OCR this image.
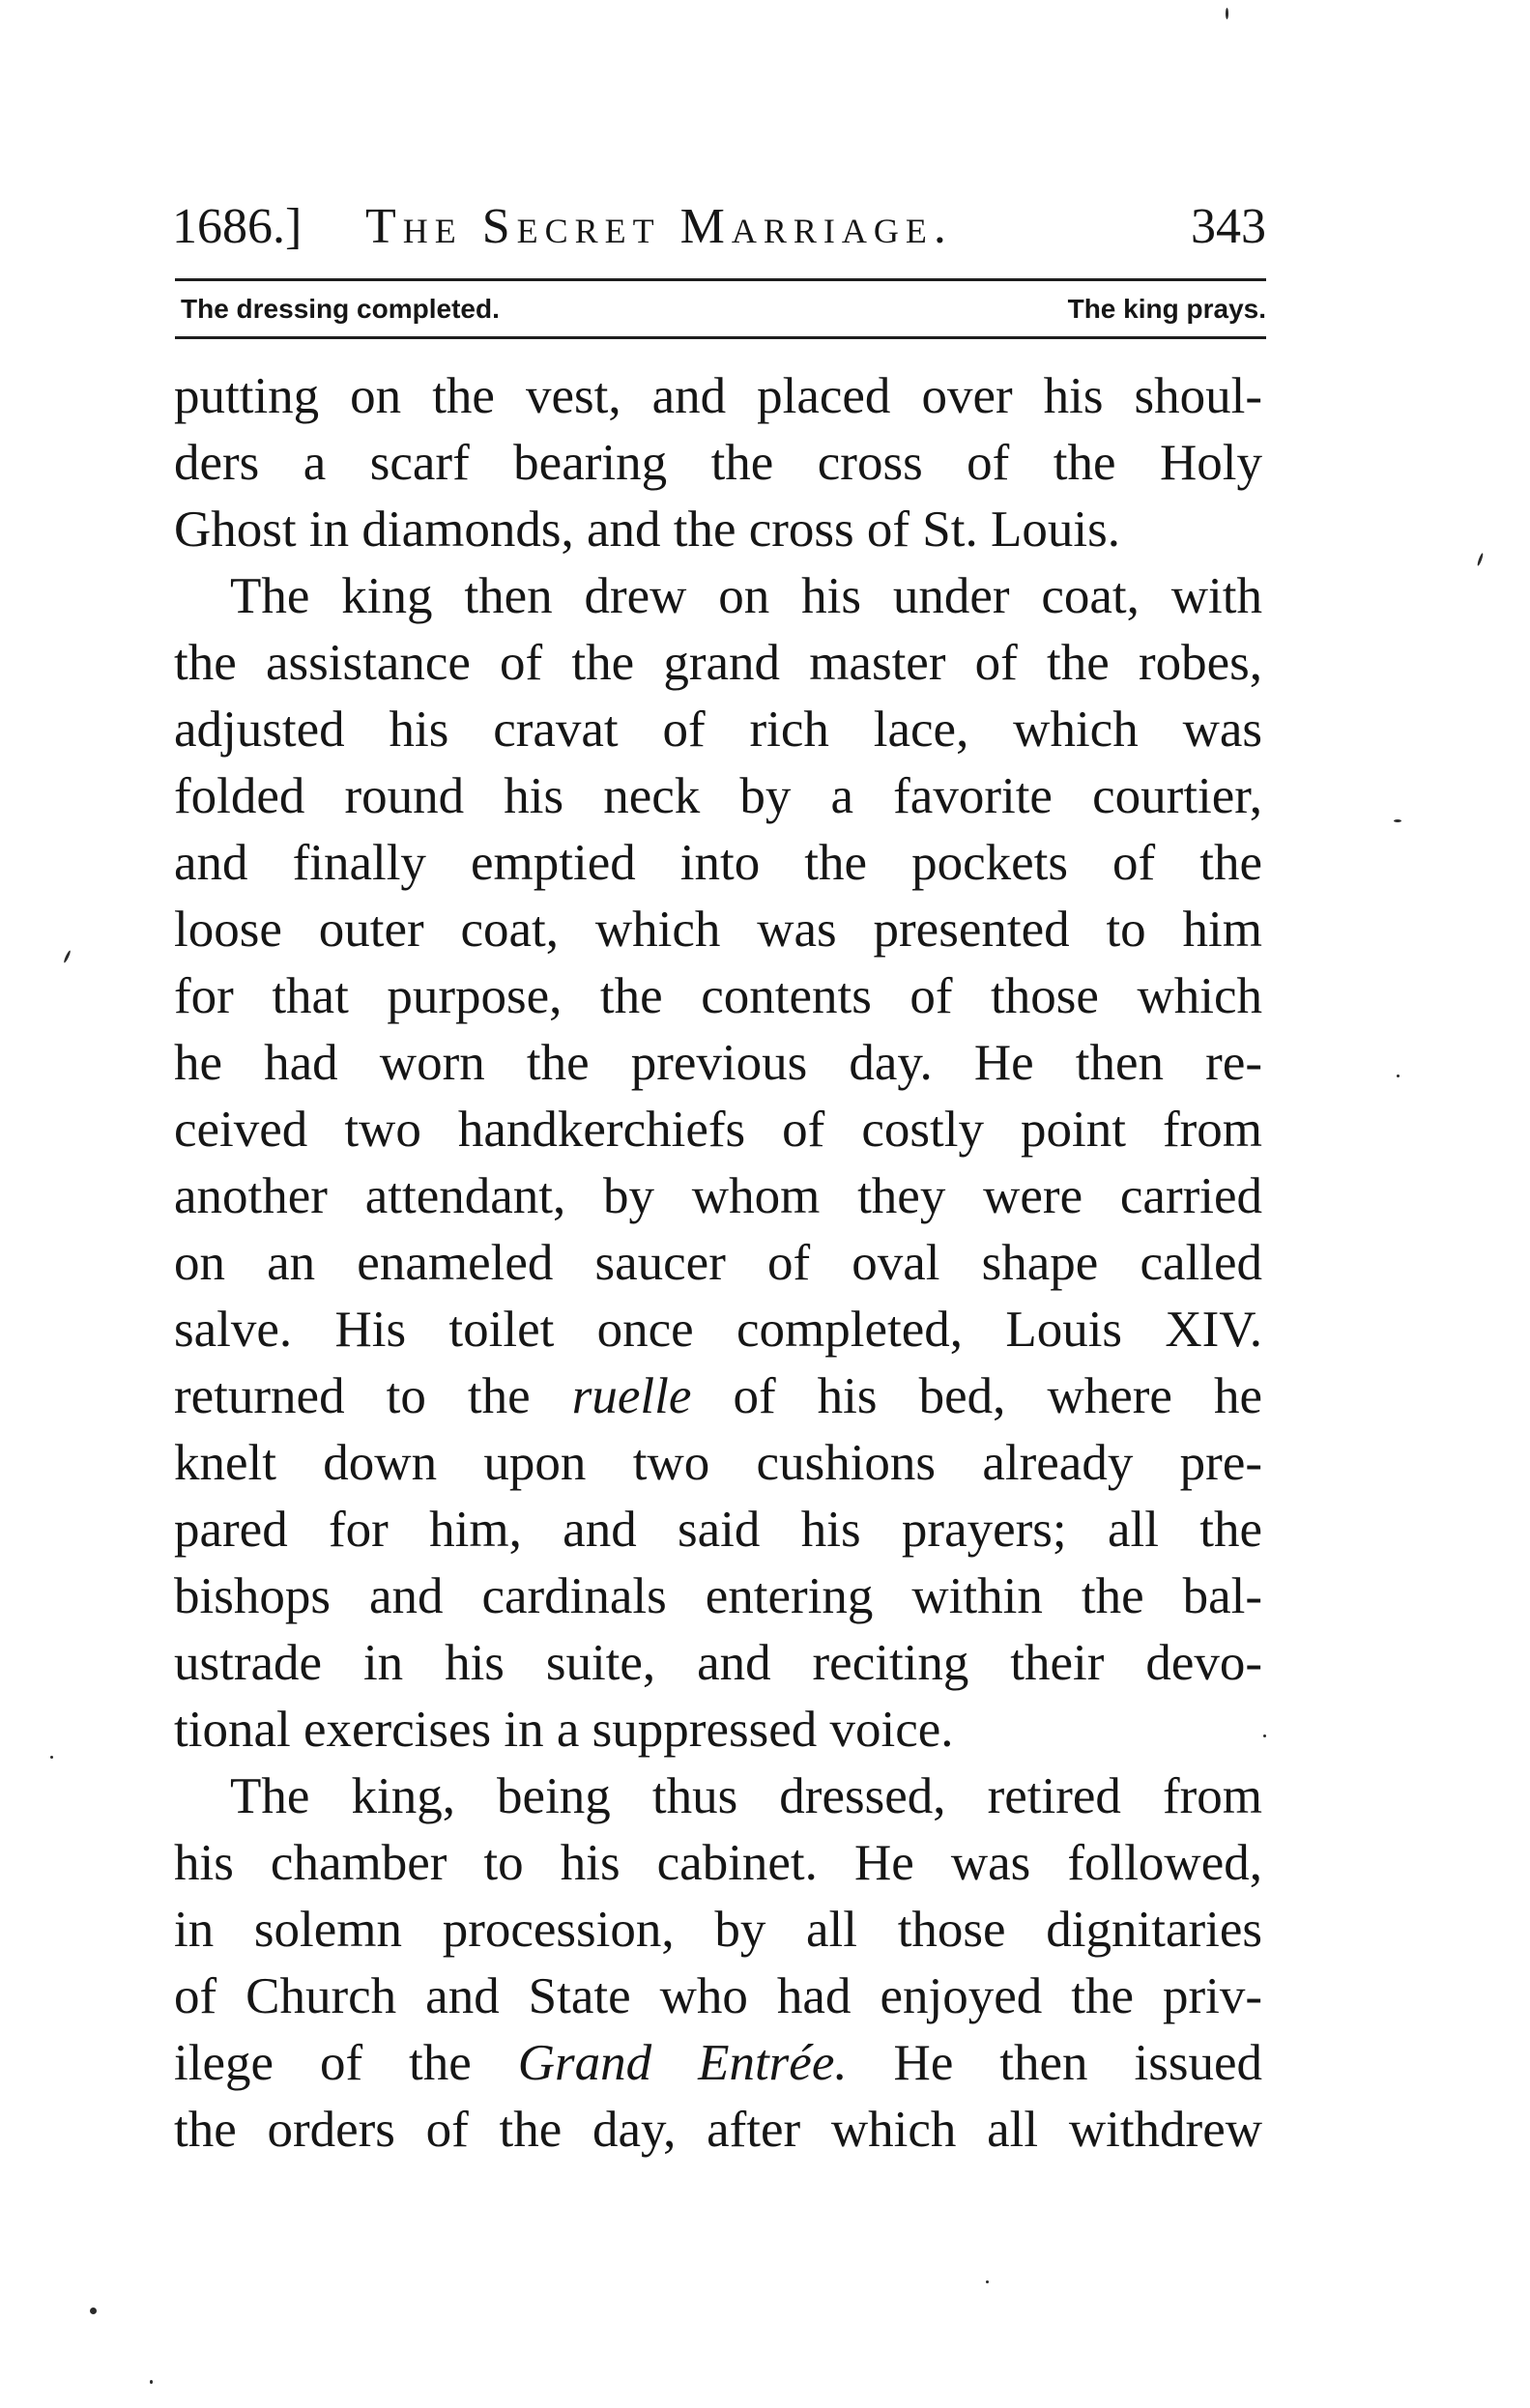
1686.] The Secret Marriage.	343
The dressing completed.	The king prays.
putting on the vest, and placed over his shoul-
ders a scarf bearing the cross of the Holy
Ghost in diamonds, and the cross of St. Louis.
The king then drew on his under coat, with
the assistance of the grand master of the robes,
adjusted his cravat of rich lace, which was
folded round his neck by a favorite courtier,
and finally emptied into the pockets of the
loose outer coat, which was presented to him
for that purpose, the contents of those which
he had worn the previous day. He then re-
ceived two handkerchiefs of costly point from
another attendant, by whom they were carried
on an enameled saucer of oval shape called
salve. His toilet once completed, Louis XIV.
returned to the ruelle of his bed, where he
knelt down upon two cushions already pre-
pared for him, and said his prayers; all the
bishops and cardinals entering within the bal-
ustrade in his suite, and reciting their devo-
tional exercises in a suppressed voice.
The king, being thus dressed, retired from
his chamber to his cabinet. He was followed,
in solemn procession, by all those dignitaries
of Church and State who had enjoyed the priv-
ilege of the Grand Entrée. He then issued
the orders of the day, after which all withdrew
